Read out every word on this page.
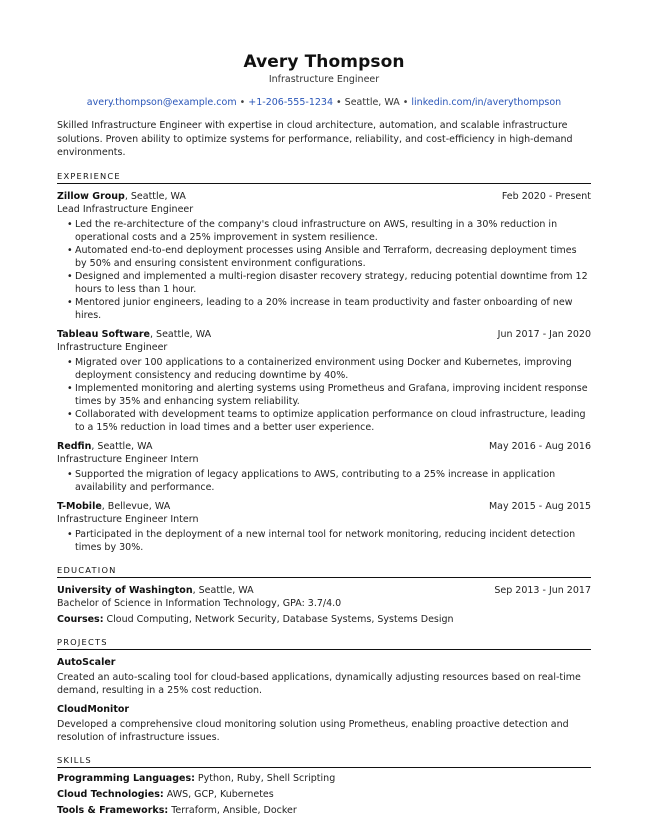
Avery Thompson
Infrastructure Engineer
avery.thompson@example.com • +1-206-555-1234 • Seattle, WA • linkedin.com/in/averythompson
Skilled Infrastructure Engineer with expertise in cloud architecture, automation, and scalable infrastructure solutions. Proven ability to optimize systems for performance, reliability, and cost-efficiency in high-demand environments.
EXPERIENCE
Zillow Group, Seattle, WA	Feb 2020 - Present
Lead Infrastructure Engineer
• Led the re-architecture of the company's cloud infrastructure on AWS, resulting in a 30% reduction in operational costs and a 25% improvement in system resilience.
• Automated end-to-end deployment processes using Ansible and Terraform, decreasing deployment times by 50% and ensuring consistent environment configurations.
• Designed and implemented a multi-region disaster recovery strategy, reducing potential downtime from 12 hours to less than 1 hour.
• Mentored junior engineers, leading to a 20% increase in team productivity and faster onboarding of new hires.
Tableau Software, Seattle, WA	Jun 2017 - Jan 2020
Infrastructure Engineer
• Migrated over 100 applications to a containerized environment using Docker and Kubernetes, improving deployment consistency and reducing downtime by 40%.
• Implemented monitoring and alerting systems using Prometheus and Grafana, improving incident response times by 35% and enhancing system reliability.
• Collaborated with development teams to optimize application performance on cloud infrastructure, leading to a 15% reduction in load times and a better user experience.
Redfin, Seattle, WA	May 2016 - Aug 2016
Infrastructure Engineer Intern
• Supported the migration of legacy applications to AWS, contributing to a 25% increase in application availability and performance.
T-Mobile, Bellevue, WA	May 2015 - Aug 2015
Infrastructure Engineer Intern
• Participated in the deployment of a new internal tool for network monitoring, reducing incident detection times by 30%.
EDUCATION
University of Washington, Seattle, WA	Sep 2013 - Jun 2017
Bachelor of Science in Information Technology, GPA: 3.7/4.0
Courses: Cloud Computing, Network Security, Database Systems, Systems Design
PROJECTS
AutoScaler
Created an auto-scaling tool for cloud-based applications, dynamically adjusting resources based on real-time demand, resulting in a 25% cost reduction.
CloudMonitor
Developed a comprehensive cloud monitoring solution using Prometheus, enabling proactive detection and resolution of infrastructure issues.
SKILLS
Programming Languages: Python, Ruby, Shell Scripting
Cloud Technologies: AWS, GCP, Kubernetes
Tools & Frameworks: Terraform, Ansible, Docker
